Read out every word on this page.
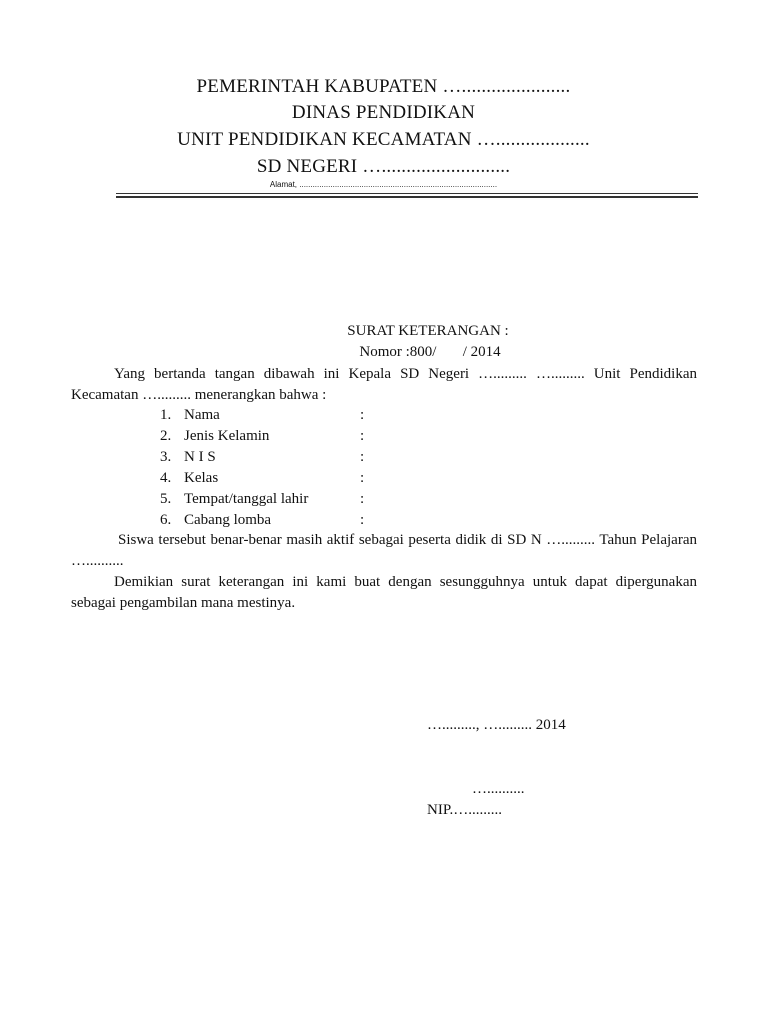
PEMERINTAH KABUPATEN …......................
DINAS PENDIDIKAN
UNIT PENDIDIKAN KECAMATAN …...................
SD NEGERI …..........................
Alamat, .........................................................................................
SURAT KETERANGAN :
Nomor :800/       / 2014
Yang bertanda tangan dibawah ini Kepala SD Negeri …......... …......... Unit Pendidikan Kecamatan …......... menerangkan bahwa :
1. Nama	:
2. Jenis Kelamin	:
3. N I S	:
4. Kelas	:
5. Tempat/tanggal lahir	:
6. Cabang lomba	:
Siswa tersebut benar-benar masih aktif sebagai peserta didik di SD N …......... Tahun Pelajaran …..........
Demikian surat keterangan ini kami buat dengan sesungguhnya untuk dapat dipergunakan sebagai pengambilan mana mestinya.
…........., …......... 2014
…..........
NIP.….........
